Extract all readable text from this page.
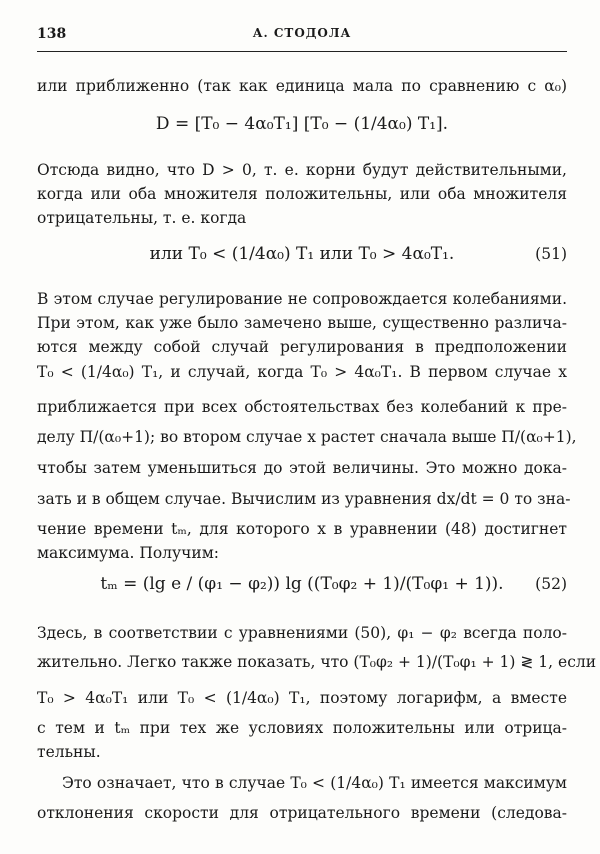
138	А. СТОДОЛА
или приближенно (так как единица мала по сравнению с α₀)
D = [T₀ − 4α₀T₁] [T₀ − (1/4α₀) T₁].
Отсюда видно, что D > 0, т. е. корни будут действительными,
когда или оба множителя положительны, или оба множителя
отрицательны, т. е. когда
или T₀ < (1/4α₀) T₁ или T₀ > 4α₀T₁.	(51)
В этом случае регулирование не сопровождается колебаниями.
При этом, как уже было замечено выше, существенно различа-
ются между собой случай регулирования в предположении
T₀ < (1/4α₀) T₁, и случай, когда T₀ > 4α₀T₁. В первом случае x
приближается при всех обстоятельствах без колебаний к пре-
делу Π/(α₀+1); во втором случае x растет сначала выше Π/(α₀+1),
чтобы затем уменьшиться до этой величины. Это можно дока-
зать и в общем случае. Вычислим из уравнения dx/dt = 0 то зна-
чение времени tₘ, для которого x в уравнении (48) достигнет
максимума. Получим:
tₘ = (lg e / (φ₁ − φ₂)) lg ((T₀φ₂ + 1)/(T₀φ₁ + 1)). (52)
Здесь, в соответствии с уравнениями (50), φ₁ − φ₂ всегда поло-
жительно. Легко также показать, что (T₀φ₂ + 1)/(T₀φ₁ + 1) ≷ 1, если
T₀ > 4α₀T₁ или T₀ < (1/4α₀) T₁, поэтому логарифм, а вместе
с тем и tₘ при тех же условиях положительны или отрица-
тельны.
Это означает, что в случае T₀ < (1/4α₀) T₁ имеется максимум
отклонения скорости для отрицательного времени (следова-
